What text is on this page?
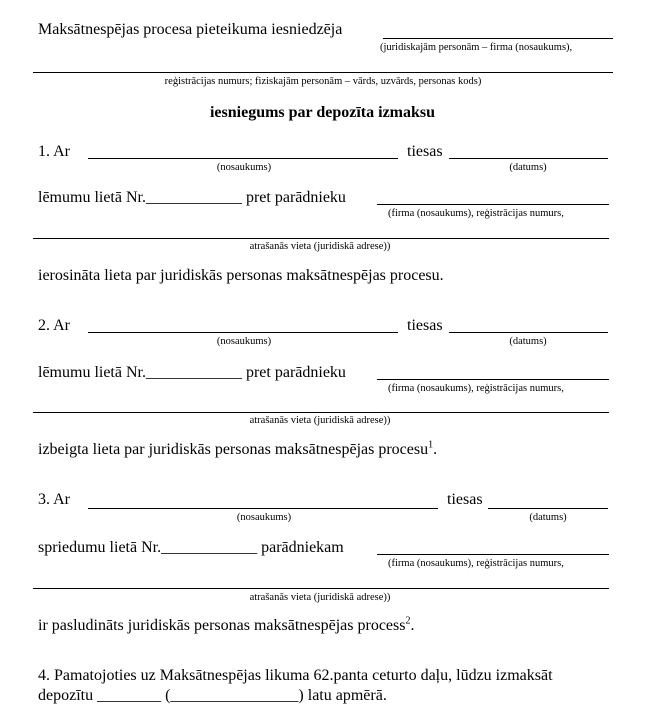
Maksātnespējas procesa pieteikuma iesniedzēja
(juridiskajām personām – firma (nosaukums),
reģistrācijas numurs; fiziskajām personām – vārds, uzvārds, personas kods)
iesniegums par depozīta izmaksu
1. Ar	tiesas
(nosaukums)	(datums)
lēmumu lietā Nr.____________ pret parādnieku
(firma (nosaukums), reģistrācijas numurs,
atrašanās vieta (juridiskā adrese))
ierosināta lieta par juridiskās personas maksātnespējas procesu.
2. Ar	tiesas
(nosaukums)	(datums)
lēmumu lietā Nr.____________ pret parādnieku
(firma (nosaukums), reģistrācijas numurs,
atrašanās vieta (juridiskā adrese))
izbeigta lieta par juridiskās personas maksātnespējas procesu$^1$.
3. Ar	tiesas
(nosaukums)	(datums)
spriedumu lietā Nr.____________ parādniekam
(firma (nosaukums), reģistrācijas numurs,
atrašanās vieta (juridiskā adrese))
ir pasludināts juridiskās personas maksātnespējas process$^2$.
4. Pamatojoties uz Maksātnespējas likuma 62.panta ceturto daļu, lūdzu izmaksāt
depozītu ________ (________________) latu apmērā.
